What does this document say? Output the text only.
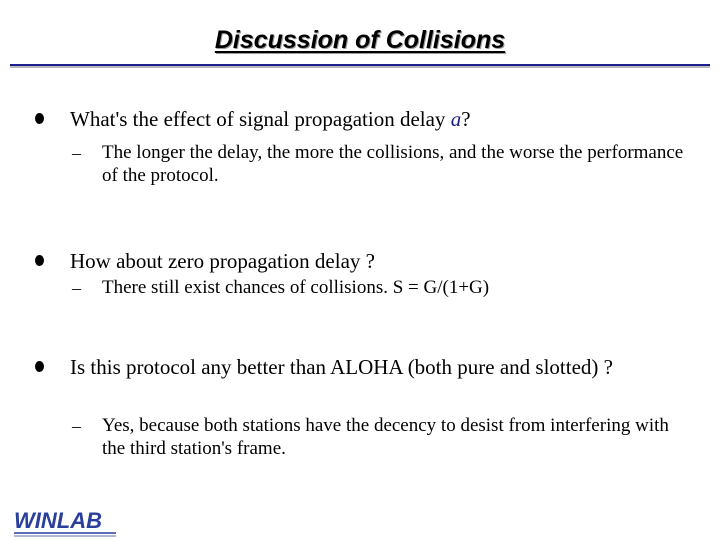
Discussion of Collisions
What's the effect of signal propagation delay a?
– The longer the delay, the more the collisions, and the worse the performance of the protocol.
How about zero propagation delay ?
– There still exist chances of collisions. S = G/(1+G)
Is this protocol any better than ALOHA (both pure and slotted) ?
– Yes, because both stations have the decency to desist from interfering with the third station's frame.
WINLAB
